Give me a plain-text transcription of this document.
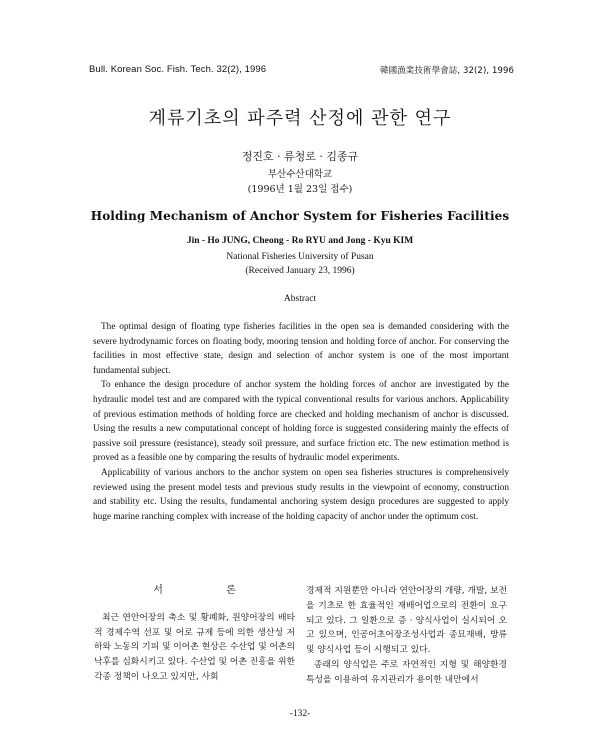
Bull. Korean Soc. Fish. Tech. 32(2), 1996	韓國漁業技術學會誌, 32(2), 1996
계류기초의 파주력 산정에 관한 연구
정진호 · 류청로 · 김종규
부산수산대학교
(1996년 1월 23일 접수)
Holding Mechanism of Anchor System for Fisheries Facilities
Jin - Ho JUNG, Cheong - Ro RYU and Jong - Kyu KIM
National Fisheries University of Pusan
(Received January 23, 1996)
Abstract

The optimal design of floating type fisheries facilities in the open sea is demanded considering with the severe hydrodynamic forces on floating body, mooring tension and holding force of anchor. For conserving the facilities in most effective state, design and selection of anchor system is one of the most important fundamental subject.

To enhance the design procedure of anchor system the holding forces of anchor are investigated by the hydraulic model test and are compared with the typical conventional results for various anchors. Applicability of previous estimation methods of holding force are checked and holding mechanism of anchor is discussed. Using the results a new computational concept of holding force is suggested considering mainly the effects of passive soil pressure (resistance), steady soil pressure, and surface friction etc. The new estimation method is proved as a feasible one by comparing the results of hydraulic model experiments.

Applicability of various anchors to the anchor system on open sea fisheries structures is comprehensively reviewed using the present model tests and previous study results in the viewpoint of economy, construction and stability etc. Using the results, fundamental anchoring system design procedures are suggested to apply huge marine ranching complex with increase of the holding capacity of anchor under the optimum cost.

서 론

최근 연안어장의 축소 및 황폐화, 원양어장의 배타적 경제수역 선포 및 어로 규제 등에 의한 생산성 저하와 노동의 기피 및 이어촌 현상은 수산업 및 어촌의 낙후를 심화시키고 있다. 수산업 및 어촌 진흥을 위한 각종 정책이 나오고 있지만, 사회

경제적 지원뿐만 아니라 연안어장의 개량, 개발, 보전을 기초로 한 효율적인 재배어업으로의 전환이 요구되고 있다. 그 일환으로 증 · 양식사업이 실시되어 오고 있으며, 인공어초어장조성사업과 종묘재배, 방류 및 양식사업 등이 시행되고 있다.

종래의 양식업은 주로 자연적인 지형 및 해양환경 특성을 이용하여 유지관리가 용이한 내만에서

-132-
